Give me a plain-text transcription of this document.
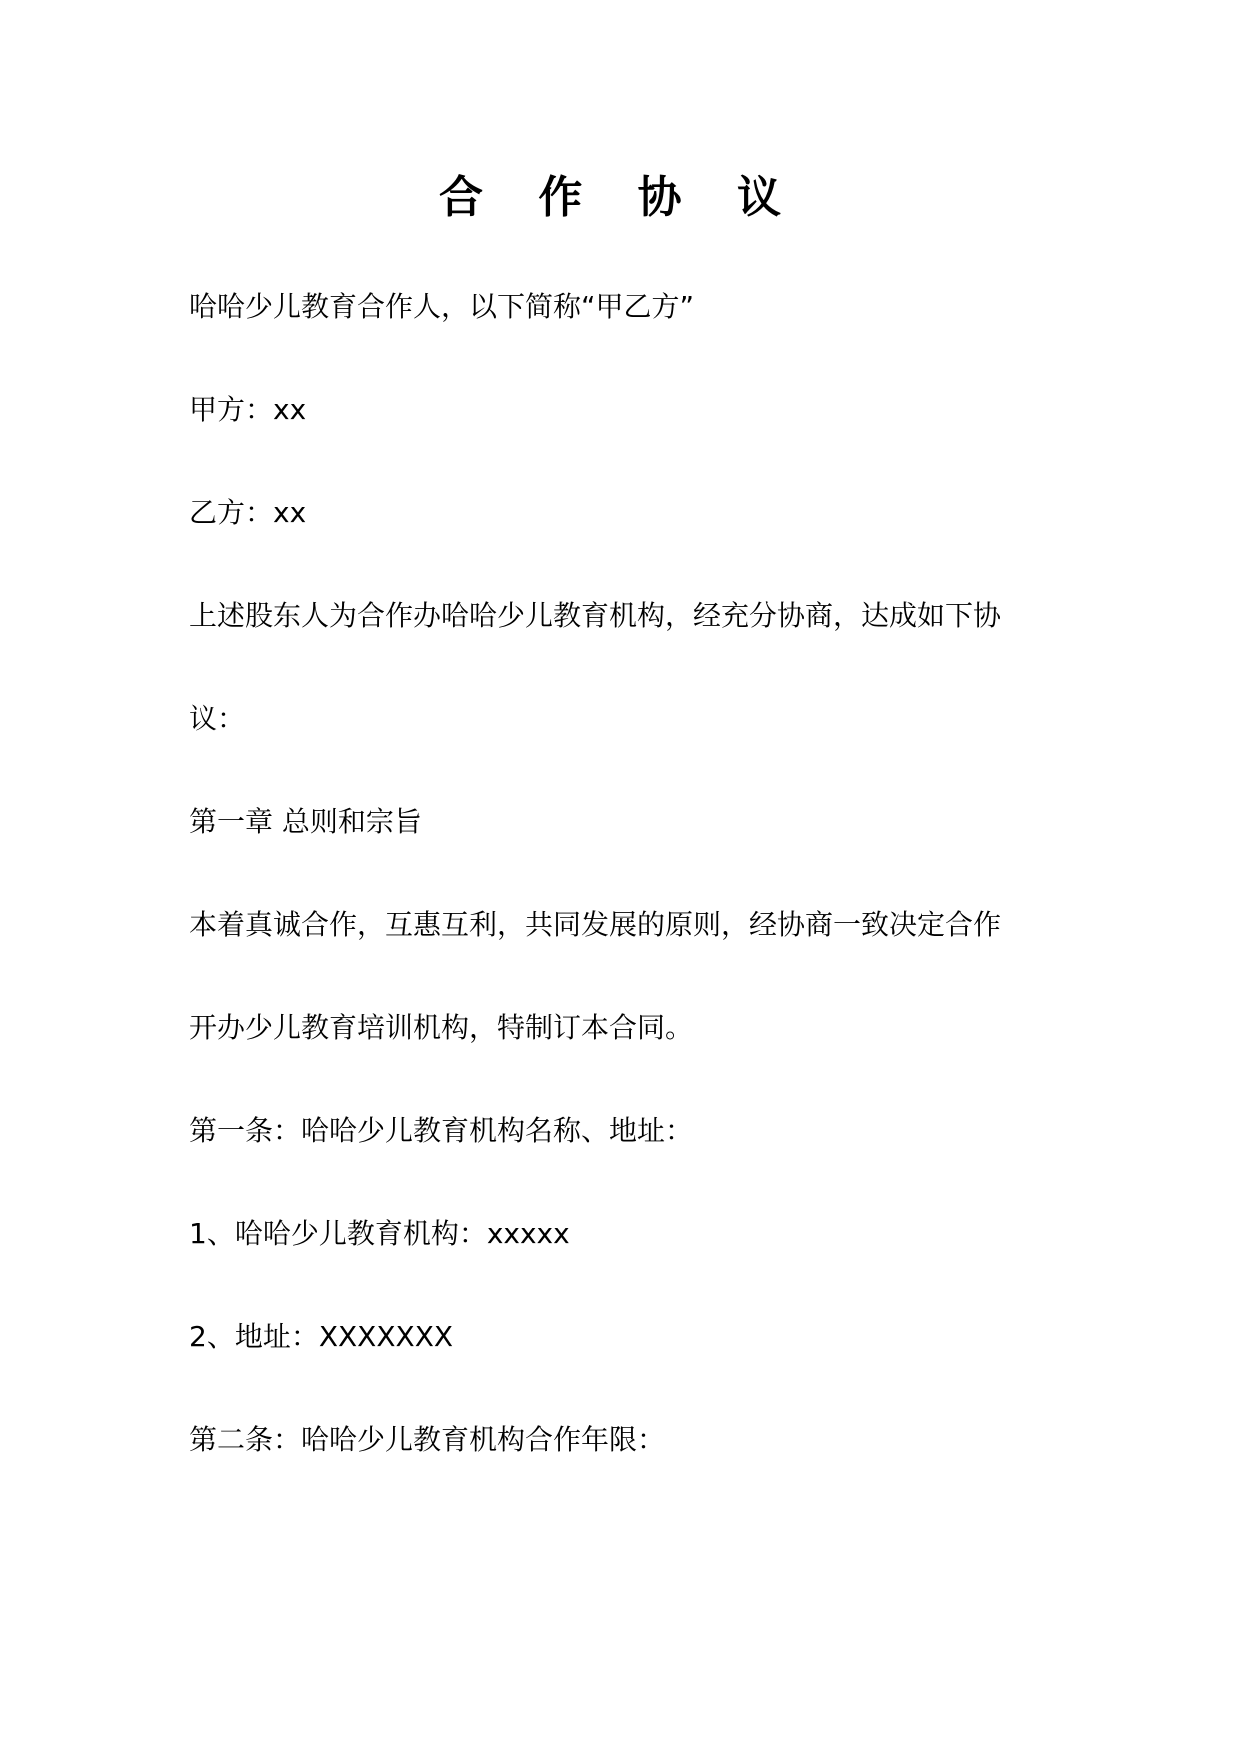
合 作 协 议
哈哈少儿教育合作人，以下简称“甲乙方”
甲方：xx
乙方：xx
上述股东人为合作办哈哈少儿教育机构，经充分协商，达成如下协
议：
第一章 总则和宗旨
本着真诚合作，互惠互利，共同发展的原则，经协商一致决定合作
开办少儿教育培训机构，特制订本合同。
第一条：哈哈少儿教育机构名称、地址：
1、哈哈少儿教育机构：xxxxx
2、地址：XXXXXXX
第二条：哈哈少儿教育机构合作年限：
